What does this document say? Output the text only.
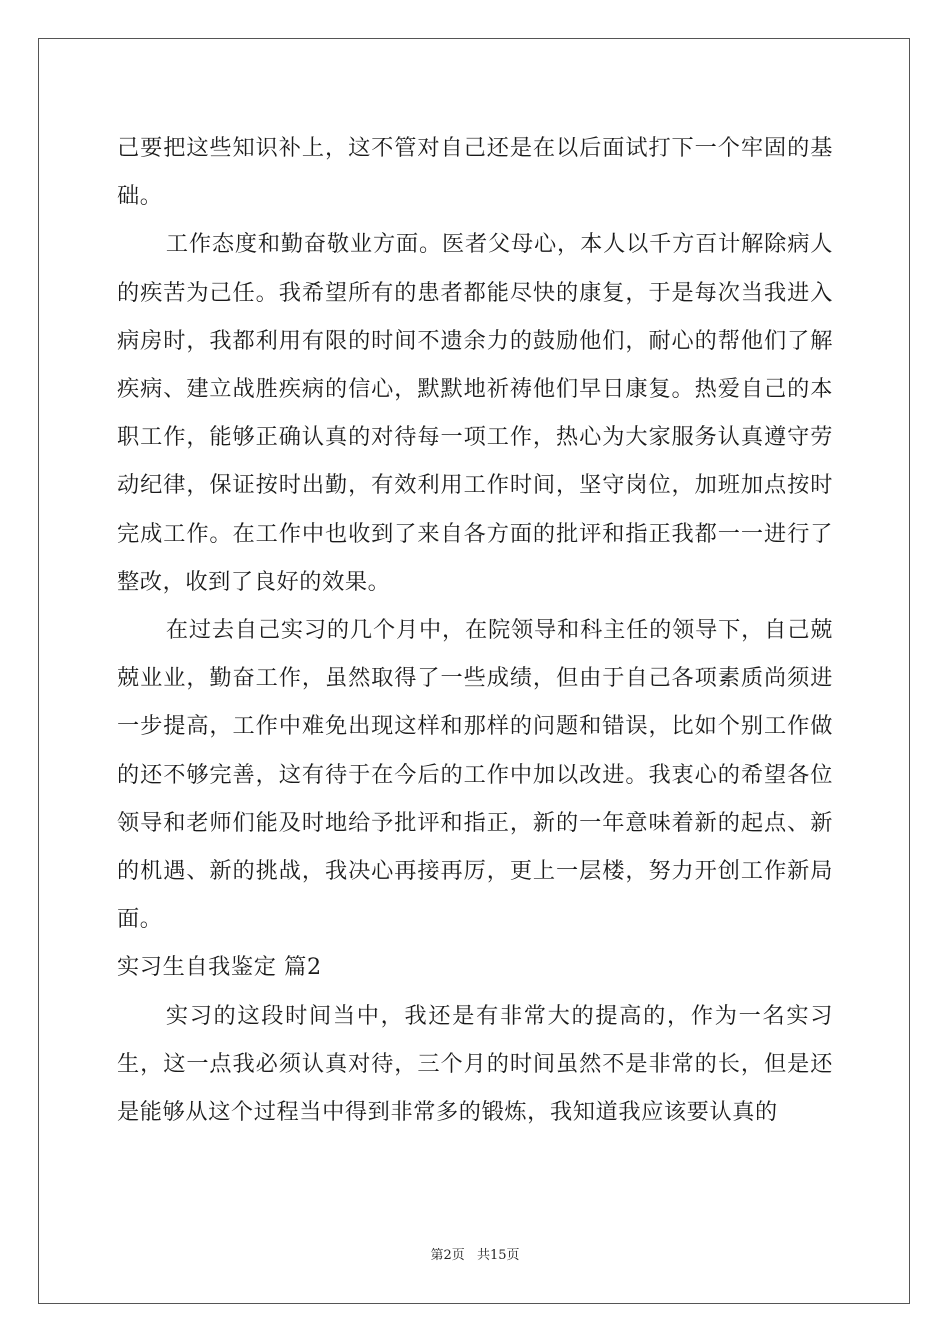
己要把这些知识补上，这不管对自己还是在以后面试打下一个牢固的基础。

工作态度和勤奋敬业方面。医者父母心，本人以千方百计解除病人的疾苦为己任。我希望所有的患者都能尽快的康复，于是每次当我进入病房时，我都利用有限的时间不遗余力的鼓励他们，耐心的帮他们了解疾病、建立战胜疾病的信心，默默地祈祷他们早日康复。热爱自己的本职工作，能够正确认真的对待每一项工作，热心为大家服务认真遵守劳动纪律，保证按时出勤，有效利用工作时间，坚守岗位，加班加点按时完成工作。在工作中也收到了来自各方面的批评和指正我都一一进行了整改，收到了良好的效果。

在过去自己实习的几个月中，在院领导和科主任的领导下，自己兢兢业业，勤奋工作，虽然取得了一些成绩，但由于自己各项素质尚须进一步提高，工作中难免出现这样和那样的问题和错误，比如个别工作做的还不够完善，这有待于在今后的工作中加以改进。我衷心的希望各位领导和老师们能及时地给予批评和指正，新的一年意味着新的起点、新的机遇、新的挑战，我决心再接再厉，更上一层楼，努力开创工作新局面。

实习生自我鉴定 篇2

实习的这段时间当中，我还是有非常大的提高的，作为一名实习生，这一点我必须认真对待，三个月的时间虽然不是非常的长，但是还是能够从这个过程当中得到非常多的锻炼，我知道我应该要认真的

第2页 共15页
